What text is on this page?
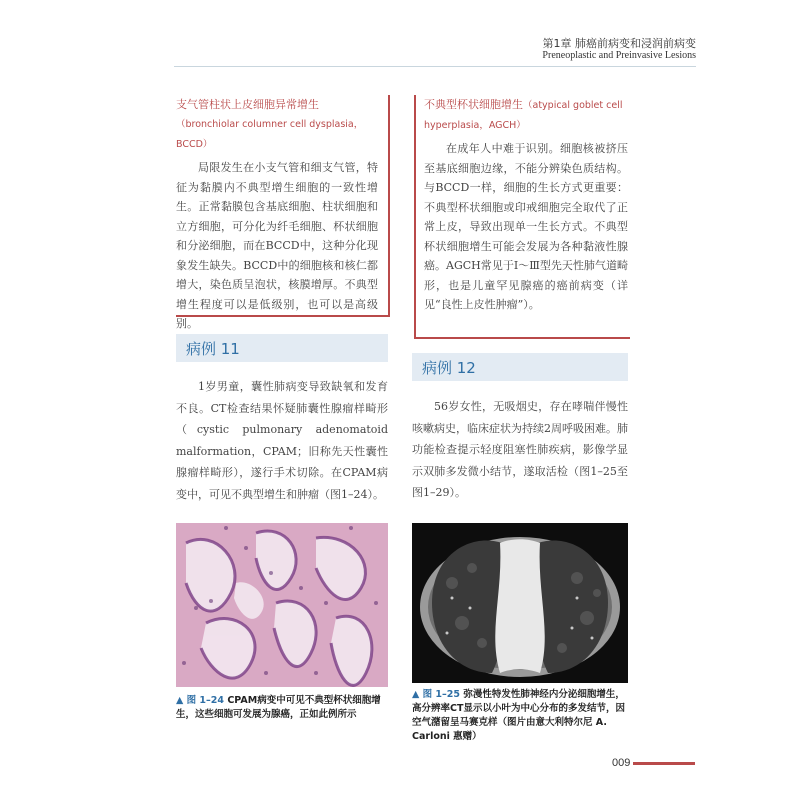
第1章 肺癌前病变和浸润前病变
Preneoplastic and Preinvasive Lesions
支气管柱状上皮细胞异常增生（bronchiolar columner cell dysplasia，BCCD）
局限发生在小支气管和细支气管，特征为黏膜内不典型增生细胞的一致性增生。正常黏膜包含基底细胞、柱状细胞和立方细胞，可分化为纤毛细胞、杯状细胞和分泌细胞，而在BCCD中，这种分化现象发生缺失。BCCD中的细胞核和核仁都增大，染色质呈泡状，核膜增厚。不典型增生程度可以是低级别，也可以是高级别。
不典型杯状细胞增生（atypical goblet cell hyperplasia，AGCH）
在成年人中难于识别。细胞核被挤压至基底细胞边缘，不能分辨染色质结构。与BCCD一样，细胞的生长方式更重要：不典型杯状细胞或印戒细胞完全取代了正常上皮，导致出现单一生长方式。不典型杯状细胞增生可能会发展为各种黏液性腺癌。AGCH常见于Ⅰ～Ⅲ型先天性肺气道畸形，也是儿童罕见腺癌的癌前病变（详见“良性上皮性肿瘤”）。
病例 11
1岁男童，囊性肺病变导致缺氧和发育不良。CT检查结果怀疑肺囊性腺瘤样畸形（cystic pulmonary adenomatoid malformation，CPAM；旧称先天性囊性腺瘤样畸形），遂行手术切除。在CPAM病变中，可见不典型增生和肿瘤（图1–24）。
病例 12
56岁女性，无吸烟史，存在哮喘伴慢性咳嗽病史，临床症状为持续2周呼吸困难。肺功能检查提示轻度阻塞性肺疾病，影像学显示双肺多发微小结节，遂取活检（图1–25至图1–29）。
▲ 图 1–24 CPAM病变中可见不典型杯状细胞增生，这些细胞可发展为腺癌，正如此例所示
▲ 图 1–25 弥漫性特发性肺神经内分泌细胞增生，高分辨率CT显示以小叶为中心分布的多发结节，因空气潴留呈马赛克样（图片由意大利特尔尼 A. Carloni 惠赠）
009
